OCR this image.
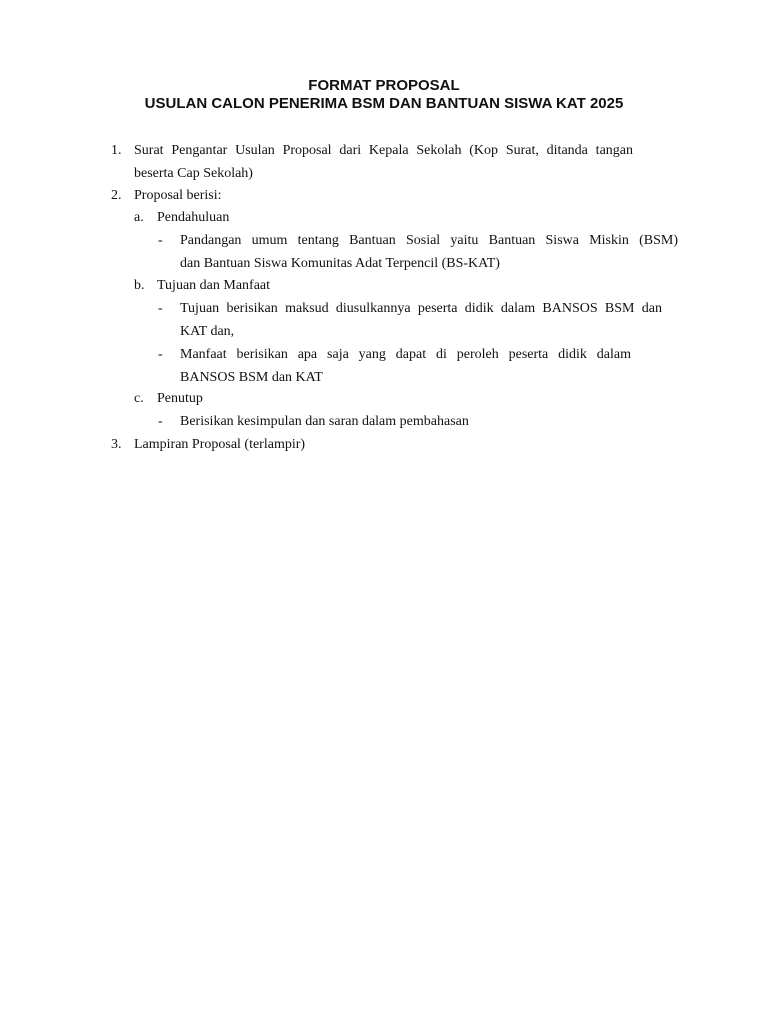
FORMAT PROPOSAL
USULAN CALON PENERIMA BSM DAN BANTUAN SISWA KAT 2025
1. Surat Pengantar Usulan Proposal dari Kepala Sekolah (Kop Surat, ditanda tangan
beserta Cap Sekolah)
2. Proposal berisi:
a. Pendahuluan
- Pandangan umum tentang Bantuan Sosial yaitu Bantuan Siswa Miskin (BSM)
dan Bantuan Siswa Komunitas Adat Terpencil (BS-KAT)
b. Tujuan dan Manfaat
- Tujuan berisikan maksud diusulkannya peserta didik dalam BANSOS BSM dan
KAT dan,
- Manfaat berisikan apa saja yang dapat di peroleh peserta didik dalam
BANSOS BSM dan KAT
c. Penutup
- Berisikan kesimpulan dan saran dalam pembahasan
3. Lampiran Proposal (terlampir)
